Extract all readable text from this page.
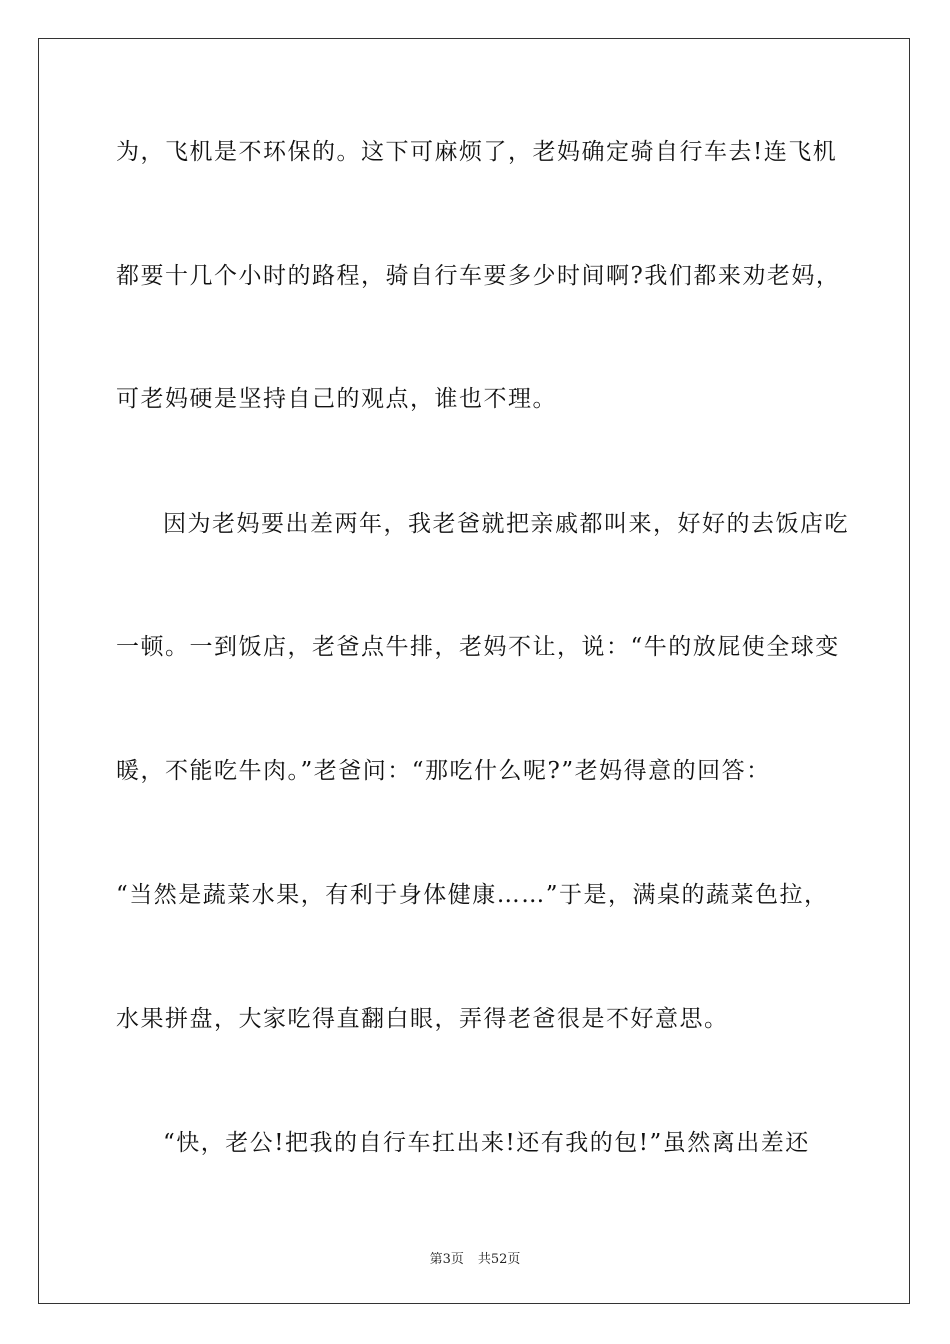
为，飞机是不环保的。这下可麻烦了，老妈确定骑自行车去!连飞机
都要十几个小时的路程，骑自行车要多少时间啊?我们都来劝老妈，
可老妈硬是坚持自己的观点，谁也不理。
因为老妈要出差两年，我老爸就把亲戚都叫来，好好的去饭店吃
一顿。一到饭店，老爸点牛排，老妈不让，说：“牛的放屁使全球变
暖，不能吃牛肉。”老爸问：“那吃什么呢?”老妈得意的回答：
“当然是蔬菜水果，有利于身体健康……”于是，满桌的蔬菜色拉，
水果拼盘，大家吃得直翻白眼，弄得老爸很是不好意思。
“快，老公!把我的自行车扛出来!还有我的包!”虽然离出差还
第3页 共52页
